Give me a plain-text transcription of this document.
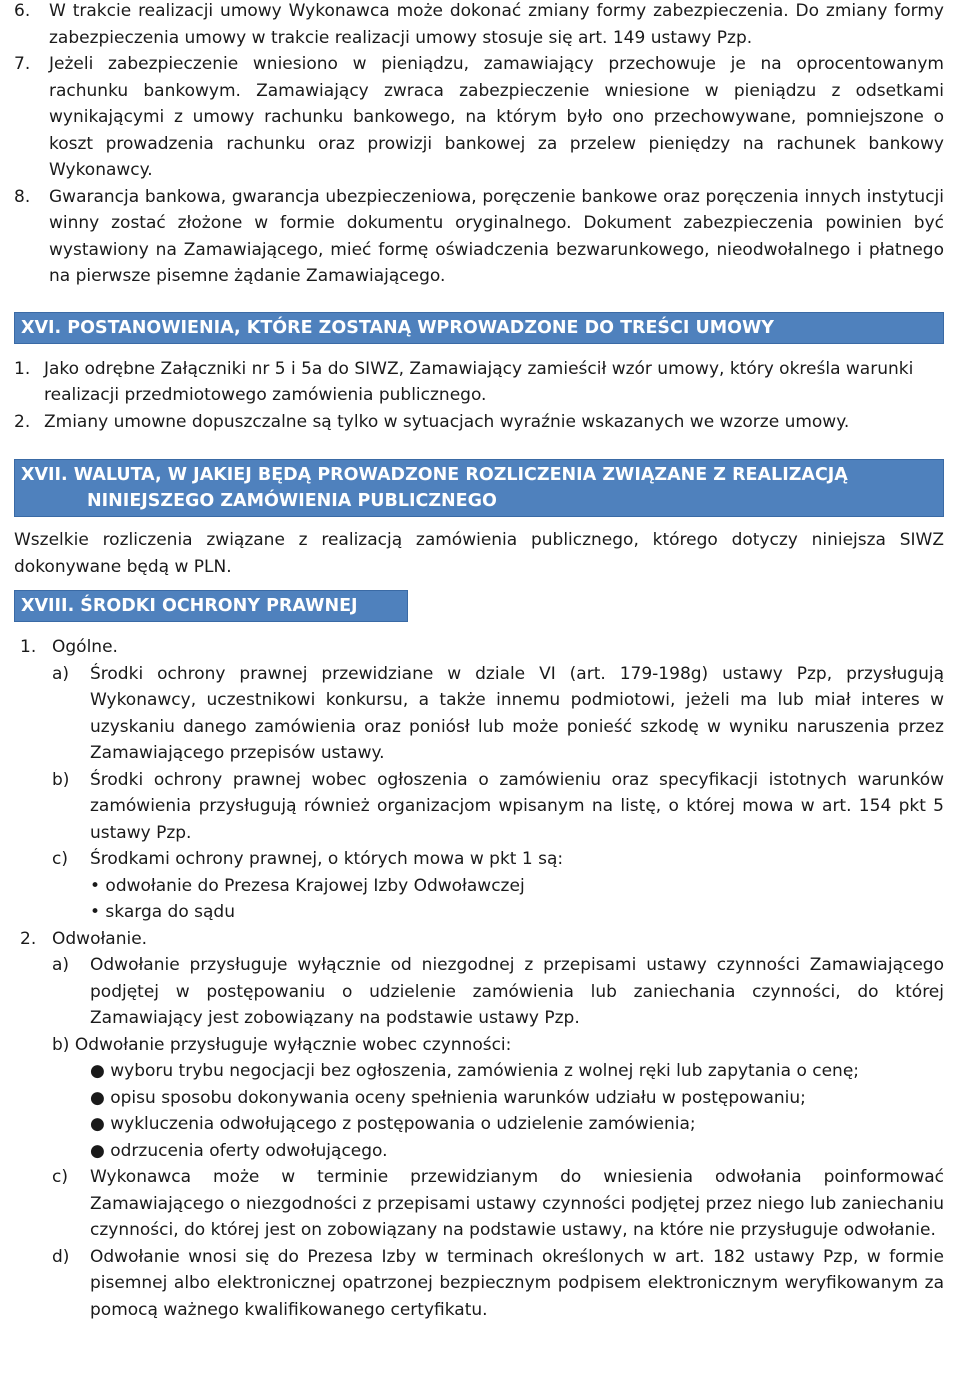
6.	W trakcie realizacji umowy Wykonawca może dokonać zmiany formy zabezpieczenia. Do zmiany formy zabezpieczenia umowy w trakcie realizacji umowy stosuje się art. 149 ustawy Pzp.
7.	Jeżeli zabezpieczenie wniesiono w pieniądzu, zamawiający przechowuje je na oprocentowanym rachunku bankowym. Zamawiający zwraca zabezpieczenie wniesione w pieniądzu z odsetkami wynikającymi z umowy rachunku bankowego, na którym było ono przechowywane, pomniejszone o koszt prowadzenia rachunku oraz prowizji bankowej za przelew pieniędzy na rachunek bankowy Wykonawcy.
8.	Gwarancja bankowa, gwarancja ubezpieczeniowa, poręczenie bankowe oraz poręczenia innych instytucji winny zostać złożone w formie dokumentu oryginalnego. Dokument zabezpieczenia powinien być wystawiony na Zamawiającego, mieć formę oświadczenia bezwarunkowego, nieodwołalnego i płatnego na pierwsze pisemne żądanie Zamawiającego.
XVI. POSTANOWIENIA, KTÓRE ZOSTANĄ WPROWADZONE DO TREŚCI UMOWY
1. Jako odrębne Załączniki nr 5 i 5a do SIWZ, Zamawiający zamieścił wzór umowy, który określa warunki realizacji przedmiotowego zamówienia publicznego.
2. Zmiany umowne dopuszczalne są tylko w sytuacjach wyraźnie wskazanych we wzorze umowy.
XVII. WALUTA, W JAKIEJ BĘDĄ PROWADZONE ROZLICZENIA ZWIĄZANE Z REALIZACJĄ
NINIEJSZEGO ZAMÓWIENIA PUBLICZNEGO

Wszelkie rozliczenia związane z realizacją zamówienia publicznego, którego dotyczy niniejsza SIWZ dokonywane będą w PLN.

XVIII. ŚRODKI OCHRONY PRAWNEJ
1. Ogólne.
a)	Środki ochrony prawnej przewidziane w dziale VI (art. 179-198g) ustawy Pzp, przysługują Wykonawcy, uczestnikowi konkursu, a także innemu podmiotowi, jeżeli ma lub miał interes w uzyskaniu danego zamówienia oraz poniósł lub może ponieść szkodę w wyniku naruszenia przez Zamawiającego przepisów ustawy.
b)	Środki ochrony prawnej wobec ogłoszenia o zamówieniu oraz specyfikacji istotnych warunków zamówienia przysługują również organizacjom wpisanym na listę, o której mowa w art. 154 pkt 5 ustawy Pzp.
c)	Środkami ochrony prawnej, o których mowa w pkt 1 są:
• odwołanie do Prezesa Krajowej Izby Odwoławczej
• skarga do sądu
2. Odwołanie.
a)	Odwołanie przysługuje wyłącznie od niezgodnej z przepisami ustawy czynności Zamawiającego podjętej w postępowaniu o udzielenie zamówienia lub zaniechania czynności, do której Zamawiający jest zobowiązany na podstawie ustawy Pzp.
b) Odwołanie przysługuje wyłącznie wobec czynności:
● wyboru trybu negocjacji bez ogłoszenia, zamówienia z wolnej ręki lub zapytania o cenę;
● opisu sposobu dokonywania oceny spełnienia warunków udziału w postępowaniu;
● wykluczenia odwołującego z postępowania o udzielenie zamówienia;
● odrzucenia oferty odwołującego.
c)	Wykonawca może w terminie przewidzianym do wniesienia odwołania poinformować Zamawiającego o niezgodności z przepisami ustawy czynności podjętej przez niego lub zaniechaniu czynności, do której jest on zobowiązany na podstawie ustawy, na które nie przysługuje odwołanie.
d)	Odwołanie wnosi się do Prezesa Izby w terminach określonych w art. 182 ustawy Pzp, w formie pisemnej albo elektronicznej opatrzonej bezpiecznym podpisem elektronicznym weryfikowanym za pomocą ważnego kwalifikowanego certyfikatu.
